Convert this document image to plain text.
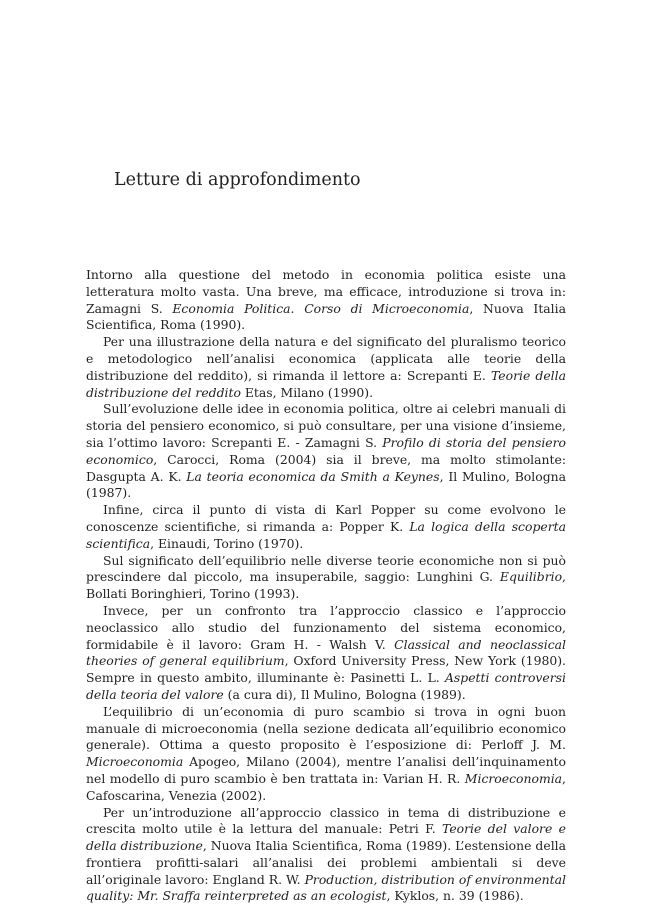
Letture di approfondimento

Intorno alla questione del metodo in economia politica esiste una letteratura molto vasta. Una breve, ma efficace, introduzione si trova in: Zamagni S. Economia Politica. Corso di Microeconomia, Nuova Italia Scientifica, Roma (1990).

Per una illustrazione della natura e del significato del pluralismo teorico e metodologico nell’analisi economica (applicata alle teorie della distribuzione del reddito), si rimanda il lettore a: Screpanti E. Teorie della distribuzione del reddito Etas, Milano (1990).

Sull’evoluzione delle idee in economia politica, oltre ai celebri manuali di storia del pensiero economico, si può consultare, per una visione d’insieme, sia l’ottimo lavoro: Screpanti E. - Zamagni S. Profilo di storia del pensiero economico, Carocci, Roma (2004) sia il breve, ma molto stimolante: Dasgupta A. K. La teoria economica da Smith a Keynes, Il Mulino, Bologna (1987).

Infine, circa il punto di vista di Karl Popper su come evolvono le conoscenze scientifiche, si rimanda a: Popper K. La logica della scoperta scientifica, Einaudi, Torino (1970).

Sul significato dell’equilibrio nelle diverse teorie economiche non si può prescindere dal piccolo, ma insuperabile, saggio: Lunghini G. Equilibrio, Bollati Boringhieri, Torino (1993).

Invece, per un confronto tra l’approccio classico e l’approccio neoclassico allo studio del funzionamento del sistema economico, formidabile è il lavoro: Gram H. - Walsh V. Classical and neoclassical theories of general equilibrium, Oxford University Press, New York (1980). Sempre in questo ambito, illuminante è: Pasinetti L. L. Aspetti controversi della teoria del valore (a cura di), Il Mulino, Bologna (1989).

L’equilibrio di un’economia di puro scambio si trova in ogni buon manuale di microeconomia (nella sezione dedicata all’equilibrio economico generale). Ottima a questo proposito è l’esposizione di: Perloff J. M. Microeconomia Apogeo, Milano (2004), mentre l’analisi dell’inquinamento nel modello di puro scambio è ben trattata in: Varian H. R. Microeconomia, Cafoscarina, Venezia (2002).

Per un’introduzione all’approccio classico in tema di distribuzione e crescita molto utile è la lettura del manuale: Petri F. Teorie del valore e della distribuzione, Nuova Italia Scientifica, Roma (1989). L’estensione della frontiera profitti-salari all’analisi dei problemi ambientali si deve all’originale lavoro: England R. W. Production, distribution of environmental quality: Mr. Sraffa reinterpreted as an ecologist, Kyklos, n. 39 (1986).
